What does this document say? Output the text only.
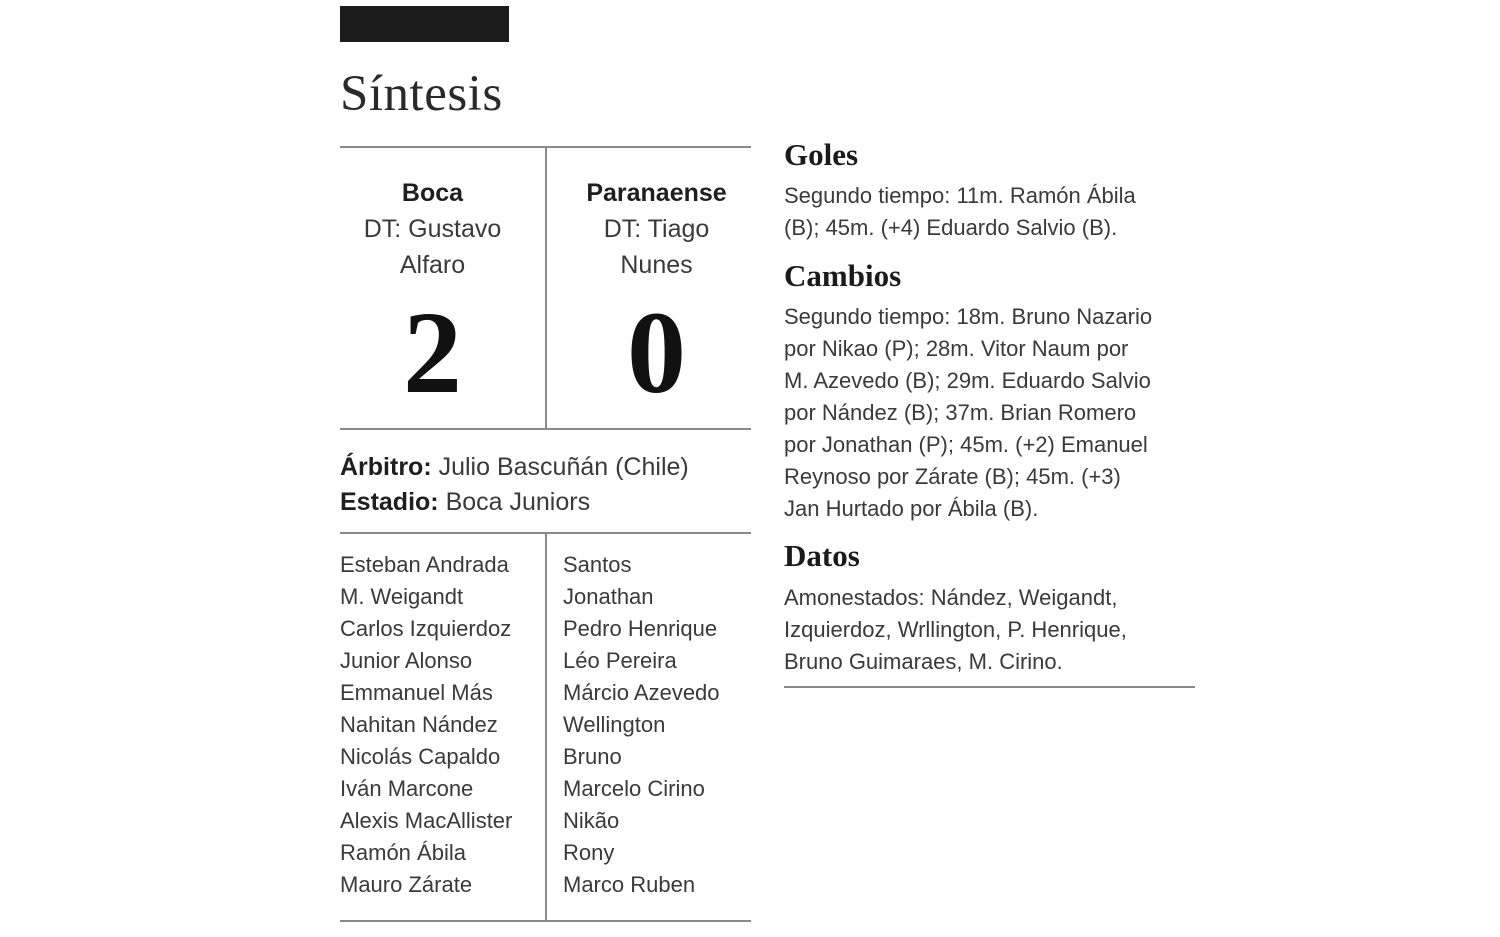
Síntesis
Boca
DT: Gustavo
Alfaro
2
Paranaense
DT: Tiago
Nunes
0
Árbitro: Julio Bascuñán (Chile)
Estadio: Boca Juniors
Esteban Andrada
M. Weigandt
Carlos Izquierdoz
Junior Alonso
Emmanuel Más
Nahitan Nández
Nicolás Capaldo
Iván Marcone
Alexis MacAllister
Ramón Ábila
Mauro Zárate
Santos
Jonathan
Pedro Henrique
Léo Pereira
Márcio Azevedo
Wellington
Bruno
Marcelo Cirino
Nikão
Rony
Marco Ruben
Goles

Segundo tiempo: 11m. Ramón Ábila
(B); 45m. (+4) Eduardo Salvio (B).

Cambios

Segundo tiempo: 18m. Bruno Nazario
por Nikao (P); 28m. Vitor Naum por
M. Azevedo (B); 29m. Eduardo Salvio
por Nández (B); 37m. Brian Romero
por Jonathan (P); 45m. (+2) Emanuel
Reynoso por Zárate (B); 45m. (+3)
Jan Hurtado por Ábila (B).

Datos

Amonestados: Nández, Weigandt,
Izquierdoz, Wrllington, P. Henrique,
Bruno Guimaraes, M. Cirino.
